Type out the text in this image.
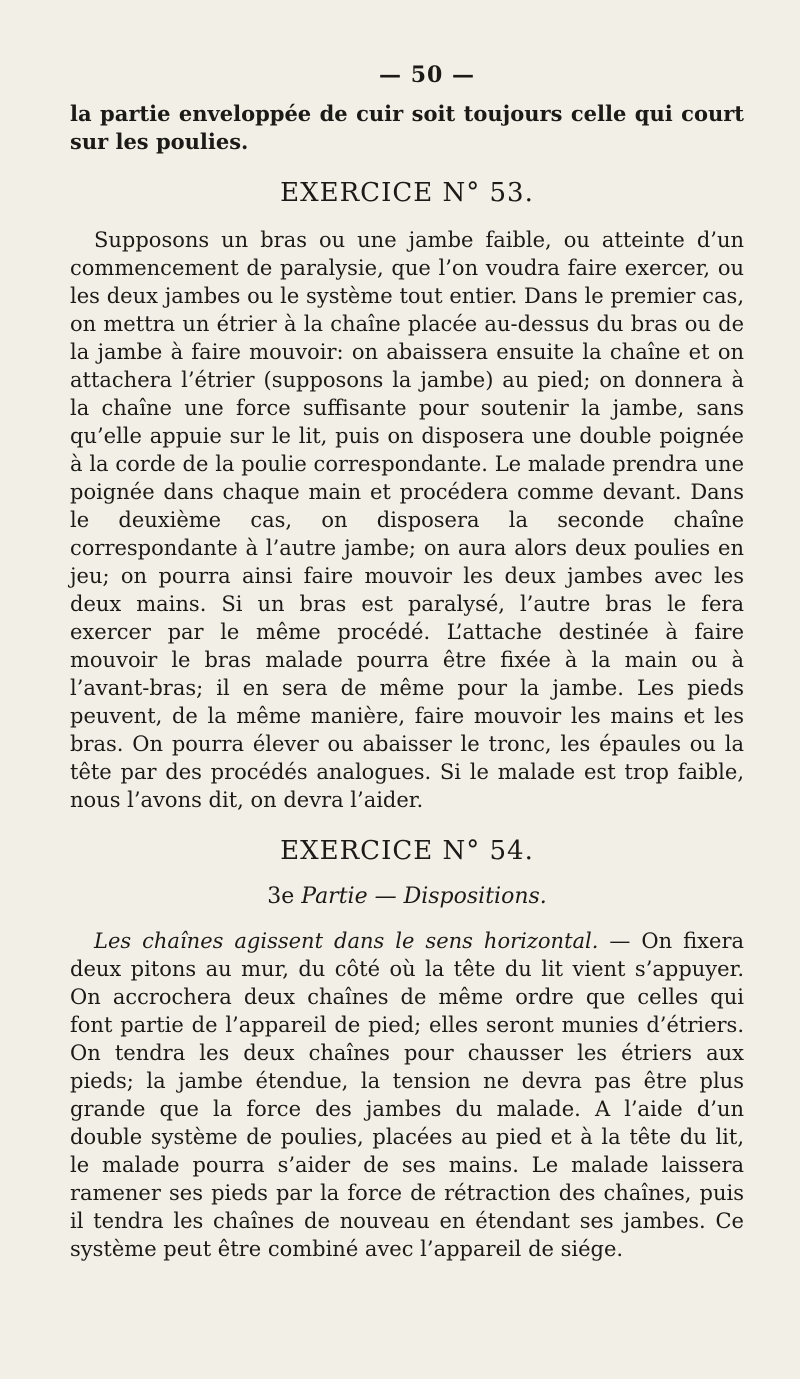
— 50 —

la partie enveloppée de cuir soit toujours celle qui court sur les poulies.

EXERCICE N° 53.

Supposons un bras ou une jambe faible, ou atteinte d’un commencement de paralysie, que l’on voudra faire exercer, ou les deux jambes ou le système tout entier. Dans le premier cas, on mettra un étrier à la chaîne placée au-dessus du bras ou de la jambe à faire mouvoir: on abaissera ensuite la chaîne et on attachera l’étrier (supposons la jambe) au pied; on donnera à la chaîne une force suffisante pour soutenir la jambe, sans qu’elle appuie sur le lit, puis on disposera une double poignée à la corde de la poulie correspondante. Le malade prendra une poignée dans chaque main et procédera comme devant. Dans le deuxième cas, on disposera la seconde chaîne correspondante à l’autre jambe; on aura alors deux poulies en jeu; on pourra ainsi faire mouvoir les deux jambes avec les deux mains. Si un bras est paralysé, l’autre bras le fera exercer par le même procédé. L’attache destinée à faire mouvoir le bras malade pourra être fixée à la main ou à l’avant-bras; il en sera de même pour la jambe. Les pieds peuvent, de la même manière, faire mouvoir les mains et les bras. On pourra élever ou abaisser le tronc, les épaules ou la tête par des procédés analogues. Si le malade est trop faible, nous l’avons dit, on devra l’aider.

EXERCICE N° 54.
3e Partie — Dispositions.

Les chaînes agissent dans le sens horizontal. — On fixera deux pitons au mur, du côté où la tête du lit vient s’appuyer. On accrochera deux chaînes de même ordre que celles qui font partie de l’appareil de pied; elles seront munies d’étriers. On tendra les deux chaînes pour chausser les étriers aux pieds; la jambe étendue, la tension ne devra pas être plus grande que la force des jambes du malade. A l’aide d’un double système de poulies, placées au pied et à la tête du lit, le malade pourra s’aider de ses mains. Le malade laissera ramener ses pieds par la force de rétraction des chaînes, puis il tendra les chaînes de nouveau en étendant ses jambes. Ce système peut être combiné avec l’appareil de siége.
